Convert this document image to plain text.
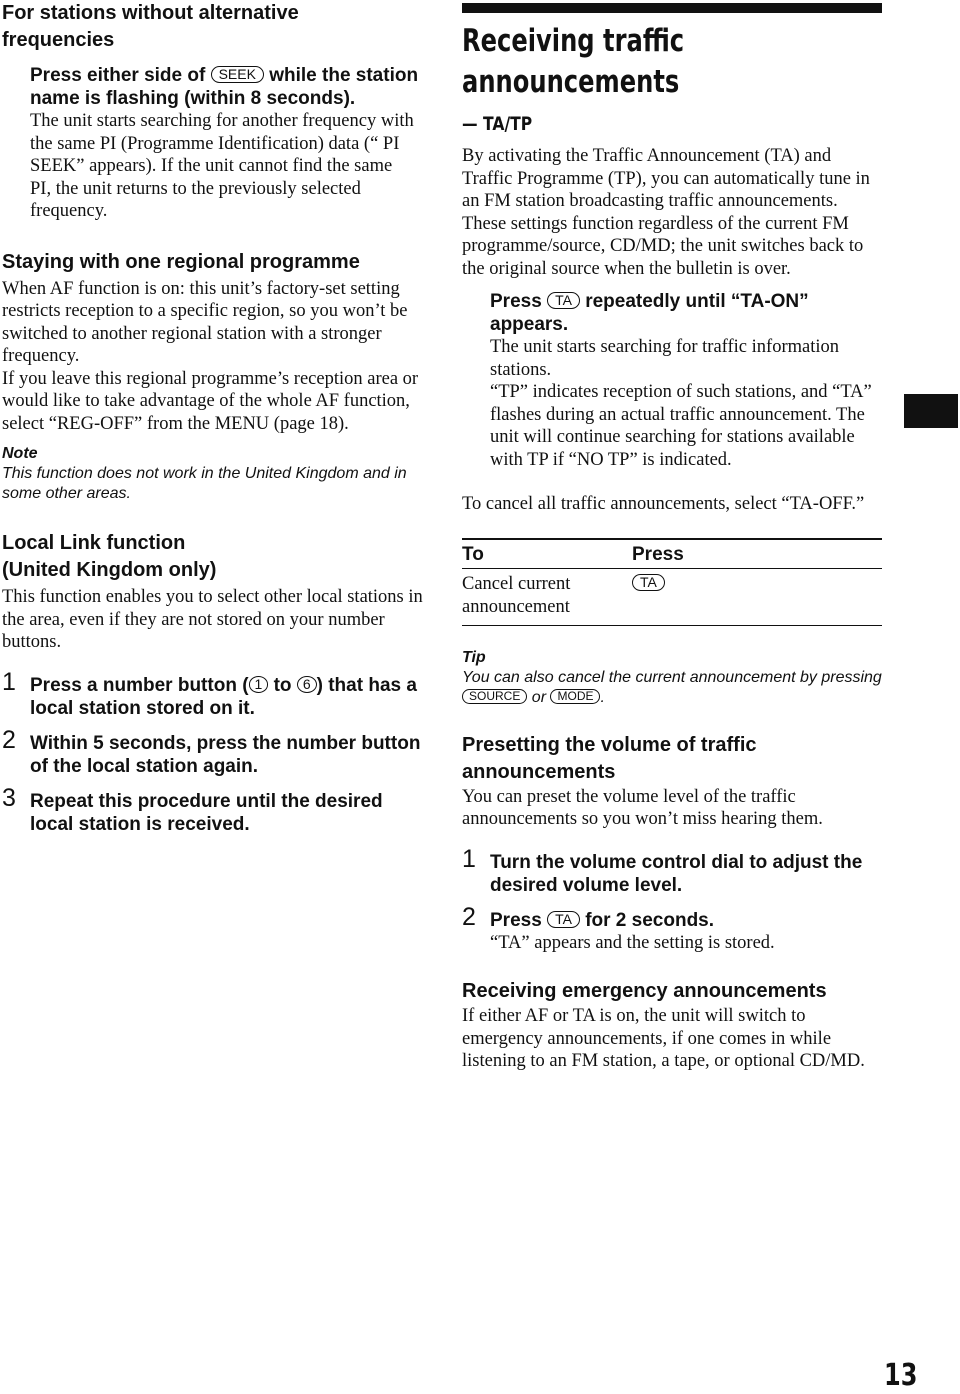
For stations without alternative
frequencies

Press either side of SEEK while the station name is flashing (within 8 seconds).

The unit starts searching for another frequency with the same PI (Programme Identification) data (“ PI SEEK” appears). If the unit cannot find the same PI, the unit returns to the previously selected frequency.

Staying with one regional programme

When AF function is on: this unit’s factory-set setting restricts reception to a specific region, so you won’t be switched to another regional station with a stronger frequency.

If you leave this regional programme’s reception area or would like to take advantage of the whole AF function, select “REG-OFF” from the MENU (page 18).

Note

This function does not work in the United Kingdom and in some other areas.

Local Link function
(United Kingdom only)

This function enables you to select other local stations in the area, even if they are not stored on your number buttons.

1 Press a number button ( 1 to 6 ) that has a local station stored on it.

2 Within 5 seconds, press the number button of the local station again.

3 Repeat this procedure until the desired local station is received.

Receiving traffic
announcements

— TA/TP

By activating the Traffic Announcement (TA) and Traffic Programme (TP), you can automatically tune in an FM station broadcasting traffic announcements. These settings function regardless of the current FM programme/source, CD/MD; the unit switches back to the original source when the bulletin is over.

Press TA repeatedly until “TA-ON” appears.

The unit starts searching for traffic information stations.

“TP” indicates reception of such stations, and “TA” flashes during an actual traffic announcement. The unit will continue searching for stations available with TP if “NO TP” is indicated.

To cancel all traffic announcements, select “TA-OFF.”

To	Press
Cancel current announcement	TA

Tip

You can also cancel the current announcement by pressing SOURCE or MODE .

Presetting the volume of traffic announcements

You can preset the volume level of the traffic announcements so you won’t miss hearing them.

1 Turn the volume control dial to adjust the desired volume level.

2 Press TA for 2 seconds.

“TA” appears and the setting is stored.

Receiving emergency announcements

If either AF or TA is on, the unit will switch to emergency announcements, if one comes in while listening to an FM station, a tape, or optional CD/MD.

13
